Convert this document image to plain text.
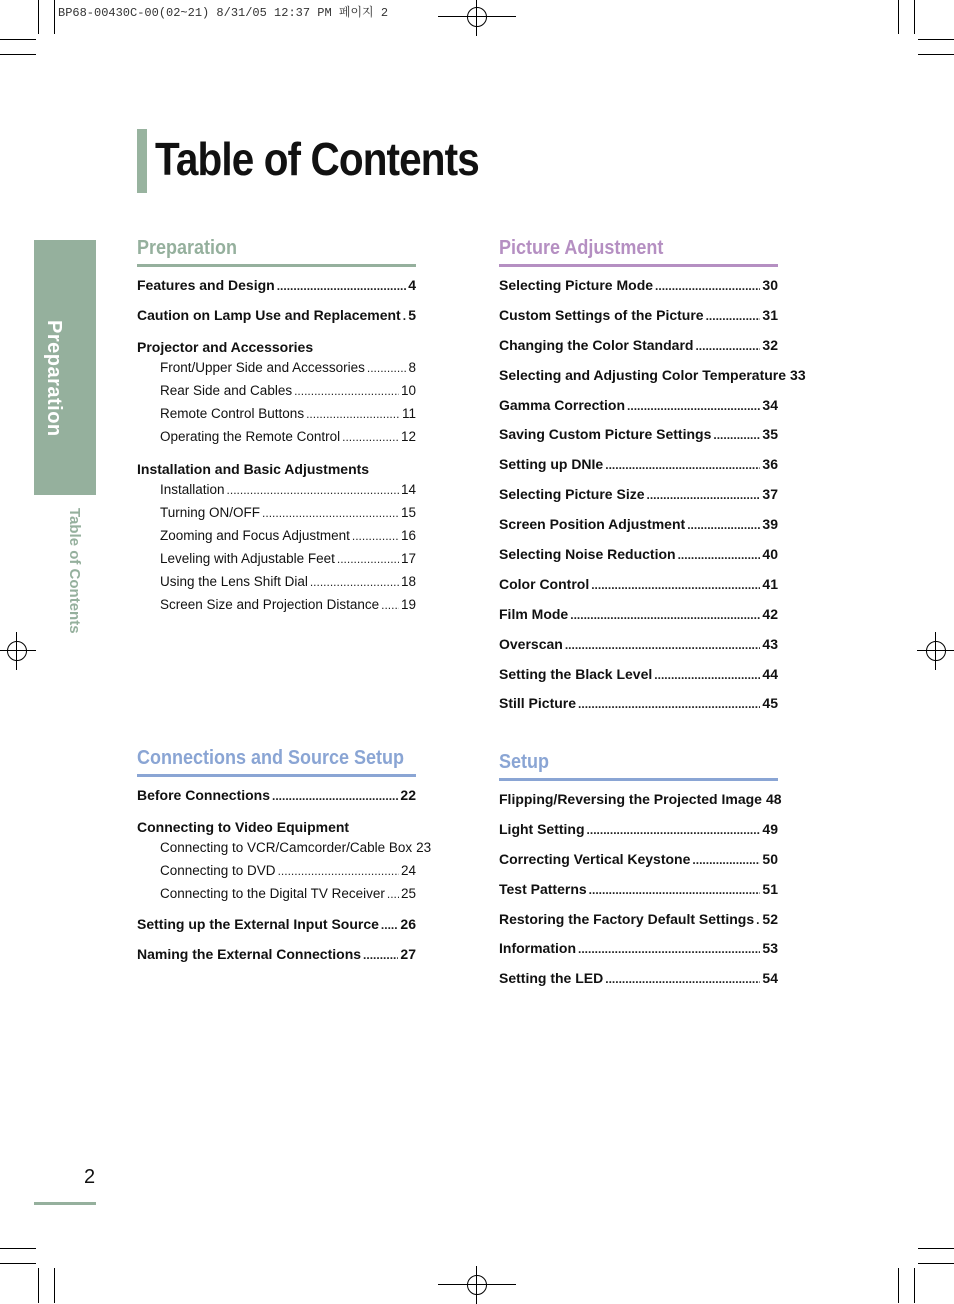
BP68-00430C-00(02~21) 8/31/05 12:37 PM 페이지 2
Table of Contents
Preparation
Table of Contents
Preparation
Features and Design .....	4
Caution on Lamp Use and Replacement ..... 5
Projector and Accessories
Front/Upper Side and Accessories .....	8
Rear Side and Cables .....	10
Remote Control Buttons .....	11
Operating the Remote Control .....	12
Installation and Basic Adjustments
Installation .....	14
Turning ON/OFF .....	15
Zooming and Focus Adjustment .....	16
Leveling with Adjustable Feet .....	17
Using the Lens Shift Dial .....	18
Screen Size and Projection Distance ..... 19
Connections and Source Setup
Before Connections .....	22
Connecting to Video Equipment
Connecting to VCR/Camcorder/Cable Box 23
Connecting to DVD .....	24
Connecting to the Digital TV Receiver ..... 25
Setting up the External Input Source ..... 26
Naming the External Connections .....	27
Picture Adjustment
Selecting Picture Mode .....	30
Custom Settings of the Picture .....	31
Changing the Color Standard .....	32
Selecting and Adjusting Color Temperature 33
Gamma Correction .....	34
Saving Custom Picture Settings .....	35
Setting up DNIe .....	36
Selecting Picture Size .....	37
Screen Position Adjustment .....	39
Selecting Noise Reduction .....	40
Color Control .....	41
Film Mode .....	42
Overscan .....	43
Setting the Black Level .....	44
Still Picture .....	45
Setup
Flipping/Reversing the Projected Image 48
Light Setting .....	49
Correcting Vertical Keystone .....	50
Test Patterns .....	51
Restoring the Factory Default Settings ..... 52
Information .....	53
Setting the LED .....	54
2
